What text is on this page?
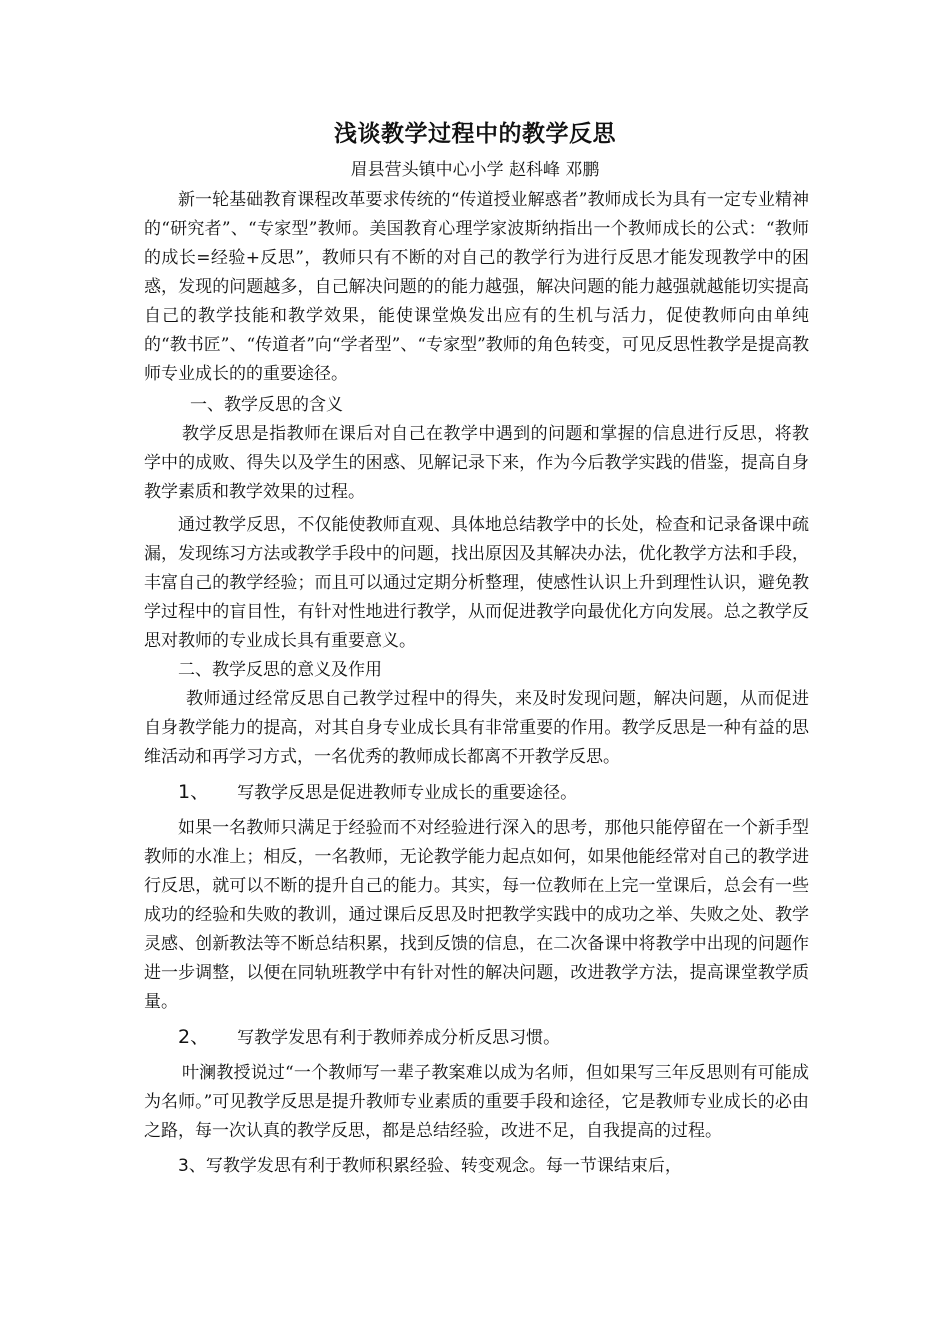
浅谈教学过程中的教学反思
眉县营头镇中心小学 赵科峰 邓鹏

新一轮基础教育课程改革要求传统的“传道授业解惑者”教师成长为具有一定专业精神的“研究者”、“专家型”教师。美国教育心理学家波斯纳指出一个教师成长的公式：“教师的成长=经验+反思”，教师只有不断的对自己的教学行为进行反思才能发现教学中的困惑，发现的问题越多，自己解决问题的的能力越强，解决问题的能力越强就越能切实提高自己的教学技能和教学效果，能使课堂焕发出应有的生机与活力，促使教师向由单纯的“教书匠”、“传道者”向“学者型”、“专家型”教师的角色转变，可见反思性教学是提高教师专业成长的的重要途径。

一、教学反思的含义

教学反思是指教师在课后对自己在教学中遇到的问题和掌握的信息进行反思，将教学中的成败、得失以及学生的困惑、见解记录下来，作为今后教学实践的借鉴，提高自身教学素质和教学效果的过程。

通过教学反思，不仅能使教师直观、具体地总结教学中的长处，检查和记录备课中疏漏，发现练习方法或教学手段中的问题，找出原因及其解决办法，优化教学方法和手段，丰富自己的教学经验；而且可以通过定期分析整理，使感性认识上升到理性认识，避免教学过程中的盲目性，有针对性地进行教学，从而促进教学向最优化方向发展。总之教学反思对教师的专业成长具有重要意义。

二、教学反思的意义及作用

教师通过经常反思自己教学过程中的得失，来及时发现问题，解决问题，从而促进自身教学能力的提高，对其自身专业成长具有非常重要的作用。教学反思是一种有益的思维活动和再学习方式，一名优秀的教师成长都离不开教学反思。

1、 写教学反思是促进教师专业成长的重要途径。

如果一名教师只满足于经验而不对经验进行深入的思考，那他只能停留在一个新手型教师的水准上；相反，一名教师，无论教学能力起点如何，如果他能经常对自己的教学进行反思，就可以不断的提升自己的能力。其实，每一位教师在上完一堂课后，总会有一些成功的经验和失败的教训，通过课后反思及时把教学实践中的成功之举、失败之处、教学灵感、创新教法等不断总结积累，找到反馈的信息，在二次备课中将教学中出现的问题作进一步调整，以便在同轨班教学中有针对性的解决问题，改进教学方法，提高课堂教学质量。

2、 写教学发思有利于教师养成分析反思习惯。

叶澜教授说过“一个教师写一辈子教案难以成为名师，但如果写三年反思则有可能成为名师。”可见教学反思是提升教师专业素质的重要手段和途径，它是教师专业成长的必由之路，每一次认真的教学反思，都是总结经验，改进不足，自我提高的过程。

3、写教学发思有利于教师积累经验、转变观念。每一节课结束后，
